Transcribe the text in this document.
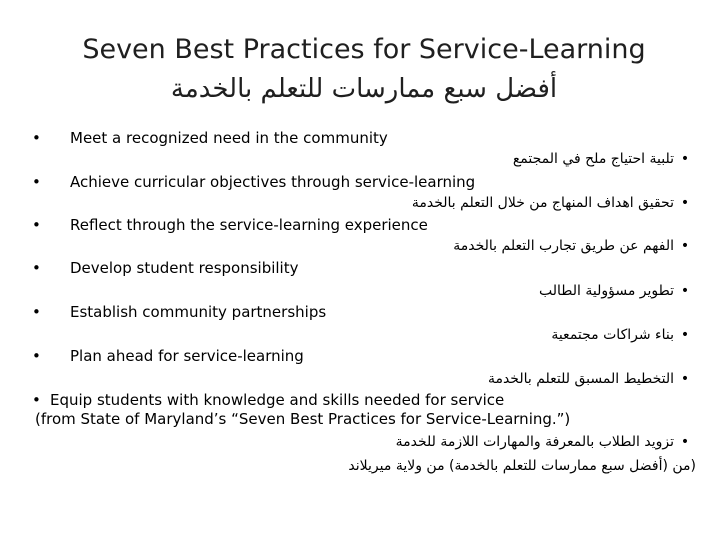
Seven Best Practices for Service-Learning
أفضل سبع ممارسات للتعلم بالخدمة
• Meet a recognized need in the community
•تلبية احتياج ملح في المجتمع
• Achieve curricular objectives through service-learning
•تحقيق اهداف المنهاج من خلال التعلم بالخدمة
• Reflect through the service-learning experience
•الفهم عن طريق تجارب التعلم بالخدمة
• Develop student responsibility
•تطوير مسؤولية الطالب
• Establish community partnerships
•بناء شراكات مجتمعية
• Plan ahead for service-learning
•التخطيط المسبق للتعلم بالخدمة
• Equip students with knowledge and skills needed for service
(from State of Maryland’s “Seven Best Practices for Service-Learning.”)
•تزويد الطلاب بالمعرفة والمهارات اللازمة للخدمة
(من (أفضل سبع ممارسات للتعلم بالخدمة) من ولاية ميريلاند
